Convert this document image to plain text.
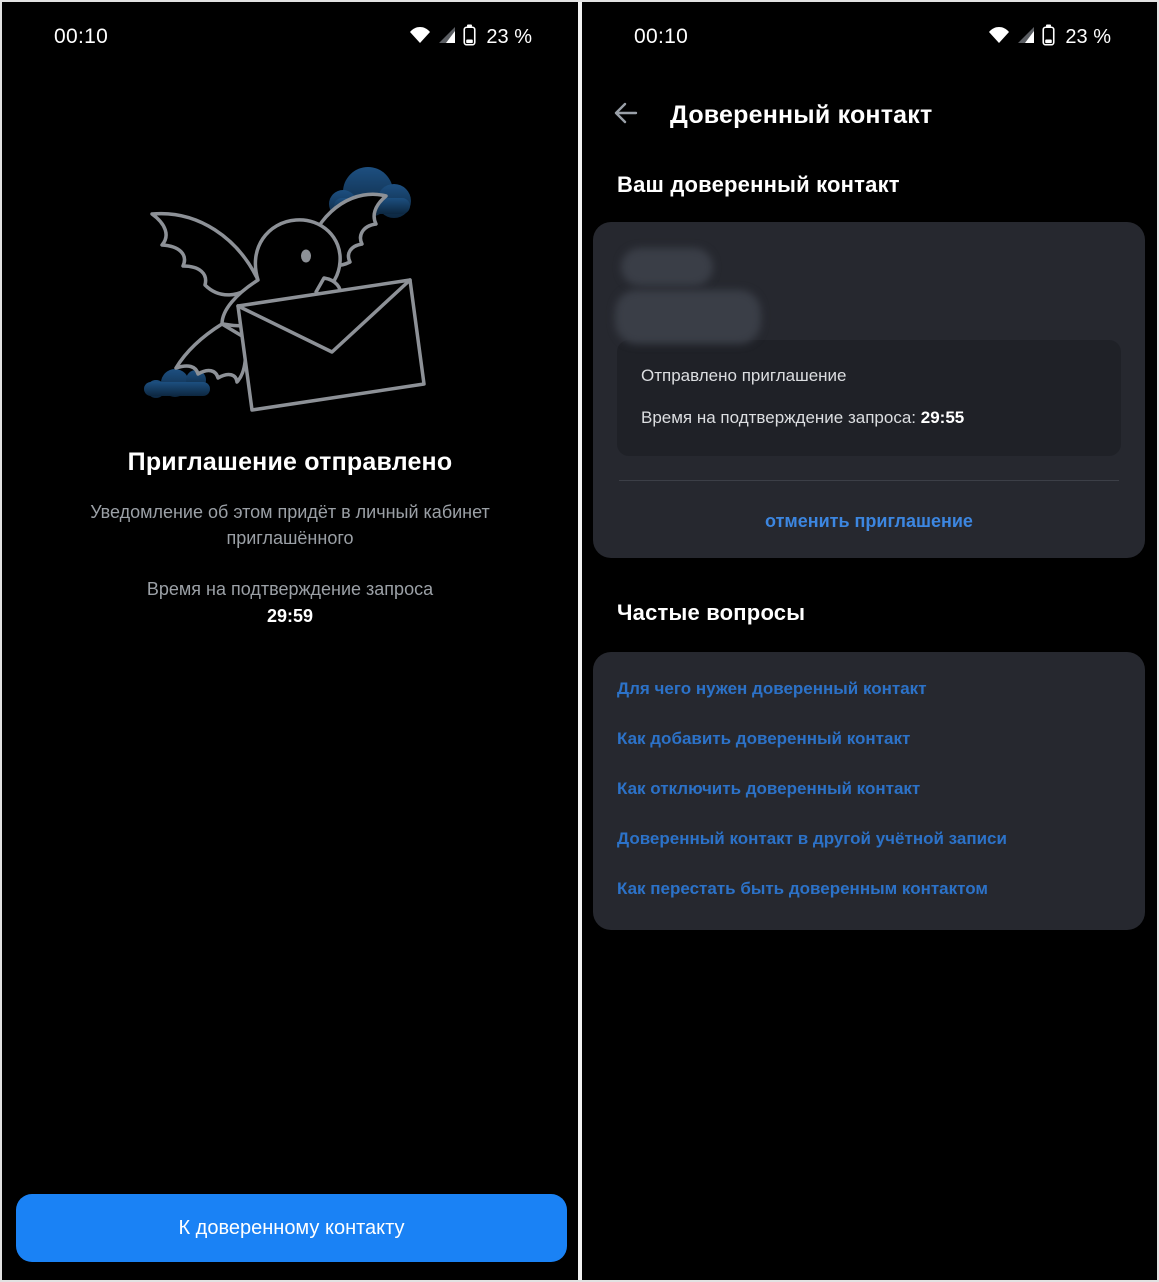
00:10	23 %
Приглашение отправлено
Уведомление об этом придёт в личный кабинет приглашённого
Время на подтверждение запроса
29:59
К доверенному контакту
00:10	23 %
Доверенный контакт
Ваш доверенный контакт
Отправлено приглашение
Время на подтверждение запроса: 29:55
отменить приглашение
Частые вопросы
Для чего нужен доверенный контакт
Как добавить доверенный контакт
Как отключить доверенный контакт
Доверенный контакт в другой учётной записи
Как перестать быть доверенным контактом
